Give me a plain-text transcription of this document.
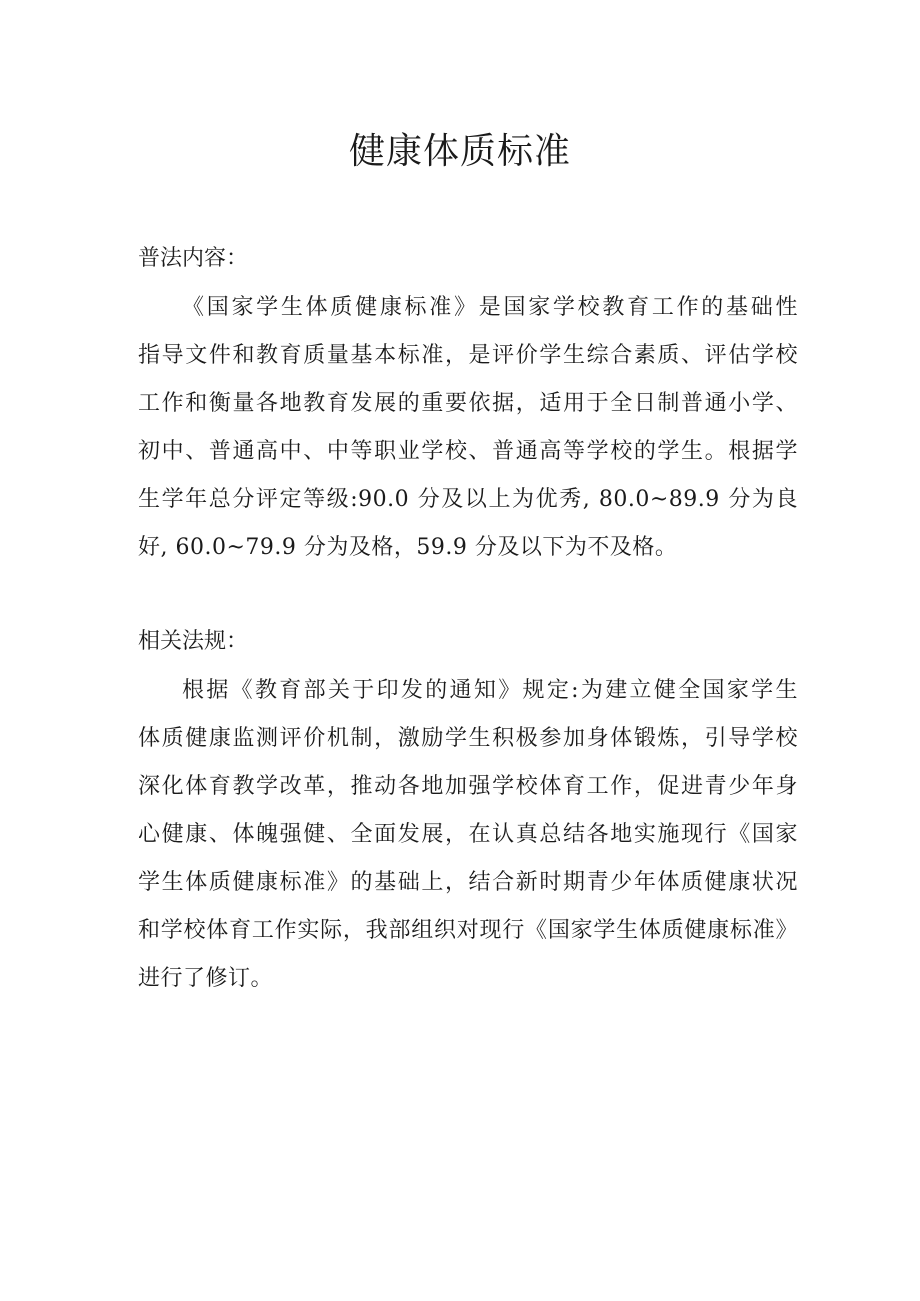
健康体质标准
普法内容：
《国家学生体质健康标准》是国家学校教育工作的基础性
指导文件和教育质量基本标准，是评价学生综合素质、评估学校
工作和衡量各地教育发展的重要依据，适用于全日制普通小学、
初中、普通高中、中等职业学校、普通高等学校的学生。根据学
生学年总分评定等级:90.0 分及以上为优秀, 80.0~89.9 分为良
好, 60.0~79.9 分为及格，59.9 分及以下为不及格。
相关法规：
根据《教育部关于印发的通知》规定:为建立健全国家学生
体质健康监测评价机制，激励学生积极参加身体锻炼，引导学校
深化体育教学改革，推动各地加强学校体育工作，促进青少年身
心健康、体魄强健、全面发展，在认真总结各地实施现行《国家
学生体质健康标准》的基础上，结合新时期青少年体质健康状况
和学校体育工作实际，我部组织对现行《国家学生体质健康标准》
进行了修订。
